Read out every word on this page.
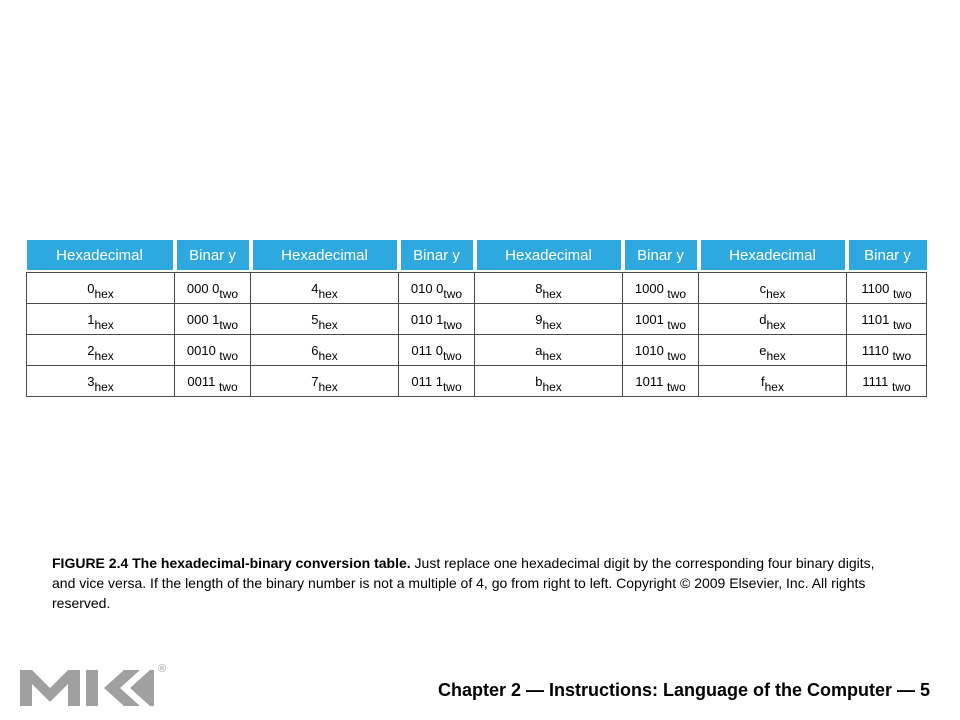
Hexadecimal	Binar y	Hexadecimal	Binar y	Hexadecimal	Binar y	Hexadecimal	Binar y

$0_{hex}$	000 $0_{two}$	$4_{hex}$	010 $0_{two}$	$8_{hex}$	1000 $_{two}$	$c_{hex}$	1100 $_{two}$
$1_{hex}$	000 $1_{two}$	$5_{hex}$	010 $1_{two}$	$9_{hex}$	1001 $_{two}$	$d_{hex}$	1101 $_{two}$
$2_{hex}$	0010 $_{two}$	$6_{hex}$	011 $0_{two}$	$a_{hex}$	1010 $_{two}$	$e_{hex}$	1110 $_{two}$
$3_{hex}$	0011 $_{two}$	$7_{hex}$	011 $1_{two}$	$b_{hex}$	1011 $_{two}$	$f_{hex}$	1111 $_{two}$
FIGURE 2.4 The hexadecimal-binary conversion table. Just replace one hexadecimal digit by the corresponding four binary digits, and vice versa. If the length of the binary number is not a multiple of 4, go from right to left. Copyright © 2009 Elsevier, Inc. All rights reserved.
®
Chapter 2 — Instructions: Language of the Computer — 5
